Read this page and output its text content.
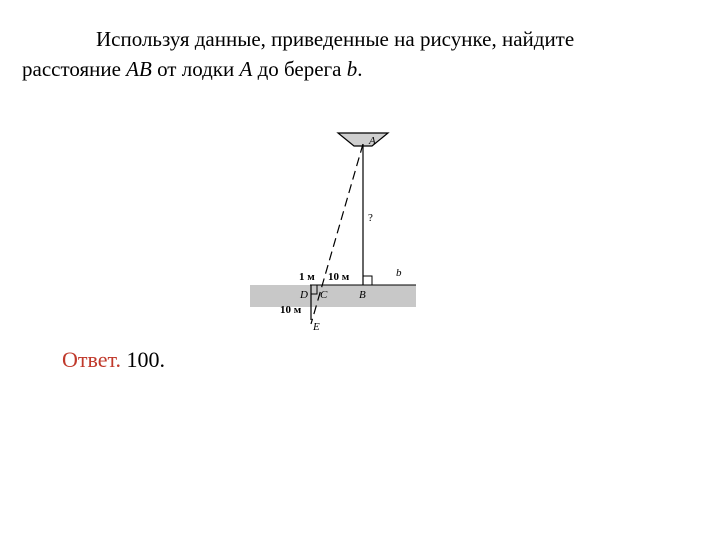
Используя данные, приведенные на рисунке, найдите
расстояние AB от лодки A до берега b.
A
?
b
1 м 10 м
D C	B
10 м
E
Ответ. 100.
